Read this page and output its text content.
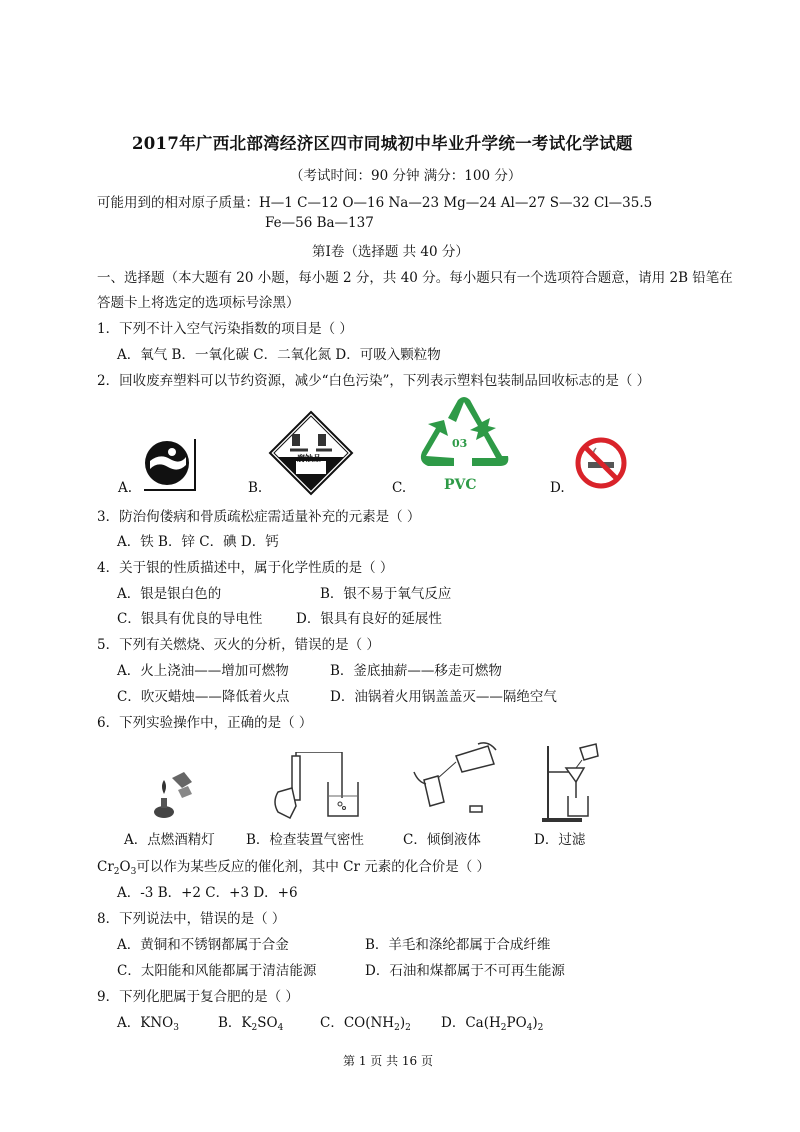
2017年广西北部湾经济区四市同城初中毕业升学统一考试化学试题
（考试时间：90 分钟 满分：100 分）
可能用到的相对原子质量：H—1 C—12 O—16 Na—23 Mg—24 Al—27 S—32 Cl—35.5
Fe—56 Ba—137
第Ⅰ卷（选择题 共 40 分）
一、选择题（本大题有 20 小题，每小题 2 分，共 40 分。每小题只有一个选项符合题意，请用 2B 铅笔在
答题卡上将选定的选项标号涂黑）
1．下列不计入空气污染指数的项目是（ ）
A．氧气 B．一氧化碳 C．二氧化氮 D．可吸入颗粒物
2．回收废弃塑料可以节约资源，减少“白色污染”，下列表示塑料包装制品回收标志的是（ ）
A.	B.
腐蚀品
C.
03
PVC	D.
3．防治佝偻病和骨质疏松症需适量补充的元素是（ ）
A．铁 B．锌 C．碘 D．钙
4．关于银的性质描述中，属于化学性质的是（ ）
A．银是银白色的	B．银不易于氧气反应
C．银具有优良的导电性 D．银具有良好的延展性
5．下列有关燃烧、灭火的分析，错误的是（ ）
A．火上浇油——增加可燃物	B．釜底抽薪——移走可燃物
C．吹灭蜡烛——降低着火点	D．油锅着火用锅盖盖灭——隔绝空气
6．下列实验操作中，正确的是（ ）
A．点燃酒精灯 B．检查装置气密性	C．倾倒液体	D．过滤
$Cr_2O_3$可以作为某些反应的催化剂，其中 Cr 元素的化合价是（ ）
A．-3 B．+2 C．+3 D．+6
8．下列说法中，错误的是（ ）
A．黄铜和不锈钢都属于合金	B．羊毛和涤纶都属于合成纤维
C．太阳能和风能都属于清洁能源	D．石油和煤都属于不可再生能源
9．下列化肥属于复合肥的是（ ）
A．$KNO_3$	B．$K_2SO_4$	C．$CO(NH_2)_2$ D．$Ca(H_2PO_4)_2$
第 1 页 共 16 页
